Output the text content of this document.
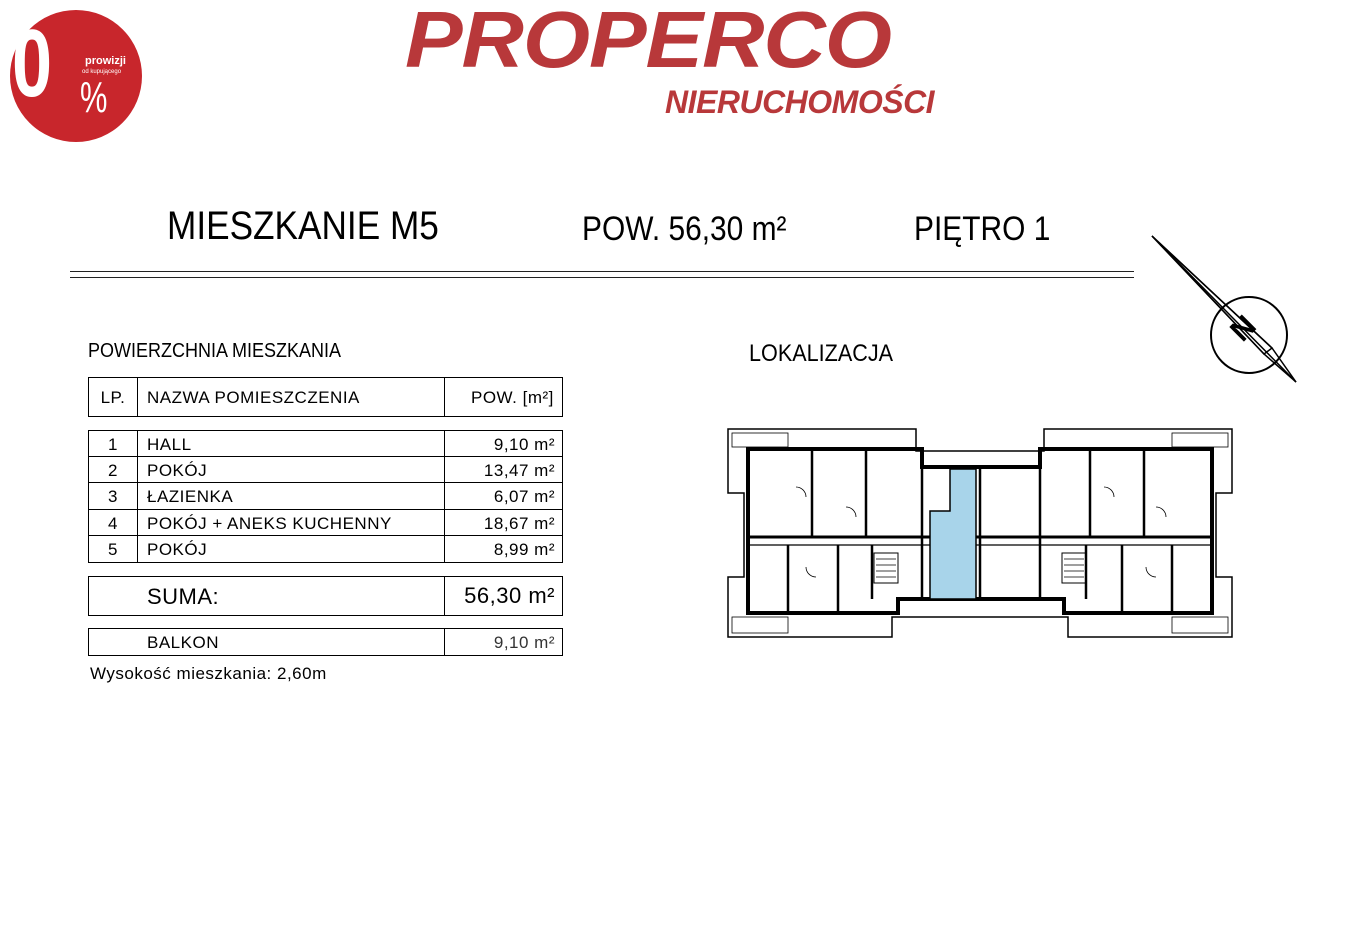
0 %
prowizji
od kupującego	PROPERCO
NIERUCHOMOŚCI
MIESZKANIE M5	POW. 56,30 m²	PIĘTRO 1
N
POWIERZCHNIA MIESZKANIA
LP.	NAZWA POMIESZCZENIA	POW. [m²]
1	HALL	9,10 m²
2	POKÓJ	13,47 m²
3	ŁAZIENKA	6,07 m²
4	POKÓJ + ANEKS KUCHENNY	18,67 m²
5	POKÓJ	8,99 m²
SUMA:	56,30 m²
BALKON	9,10 m²
Wysokość mieszkania: 2,60m
LOKALIZACJA
